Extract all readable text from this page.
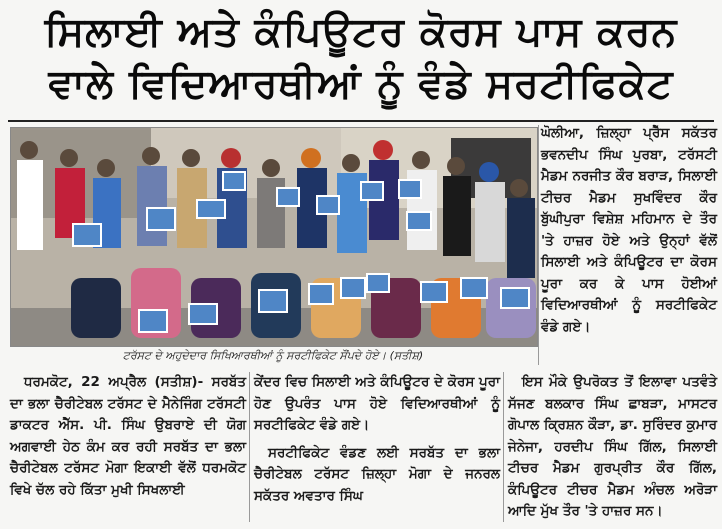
ਸਿਲਾਈ ਅਤੇ ਕੰਪਿਊਟਰ ਕੋਰਸ ਪਾਸ ਕਰਨ
ਵਾਲੇ ਵਿਦਿਆਰਥੀਆਂ ਨੂੰ ਵੰਡੇ ਸਰਟੀਫਿਕੇਟ
ਟਰੱਸਟ ਦੇ ਅਹੁਦੇਦਾਰ ਸਿਖਿਆਰਥੀਆਂ ਨੂੰ ਸਰਟੀਫਿਕੇਟ ਸੌਂਪਦੇ ਹੋਏ। (ਸਤੀਸ਼)

ਘੋਲੀਆ, ਜ਼ਿਲ੍ਹਾ ਪ੍ਰੈੱਸ ਸਕੱਤਰ ਭਵਨਦੀਪ ਸਿੰਘ ਪੁਰਬਾ, ਟਰੱਸਟੀ ਮੈਡਮ ਨਰਜੀਤ ਕੌਰ ਬਰਾੜ, ਸਿਲਾਈ ਟੀਚਰ ਮੈਡਮ ਸੁਖਵਿੰਦਰ ਕੌਰ ਬੁੱਘੀਪੁਰਾ ਵਿਸ਼ੇਸ਼ ਮਹਿਮਾਨ ਦੇ ਤੌਰ 'ਤੇ ਹਾਜ਼ਰ ਹੋਏ ਅਤੇ ਉਨ੍ਹਾਂ ਵੱਲੋਂ ਸਿਲਾਈ ਅਤੇ ਕੰਪਿਊਟਰ ਦਾ ਕੋਰਸ ਪੂਰਾ ਕਰ ਕੇ ਪਾਸ ਹੋਈਆਂ ਵਿਦਿਆਰਥੀਆਂ ਨੂੰ ਸਰਟੀਫਿਕੇਟ ਵੰਡੇ ਗਏ।

ਧਰਮਕੋਟ, 22 ਅਪ੍ਰੈਲ (ਸਤੀਸ਼)- ਸਰਬੱਤ ਦਾ ਭਲਾ ਚੈਰੀਟੇਬਲ ਟਰੱਸਟ ਦੇ ਮੈਨੇਜਿੰਗ ਟਰੱਸਟੀ ਡਾਕਟਰ ਐੱਸ. ਪੀ. ਸਿੰਘ ਉਬਰਾਏ ਦੀ ਯੋਗ ਅਗਵਾਈ ਹੇਠ ਕੰਮ ਕਰ ਰਹੀ ਸਰਬੱਤ ਦਾ ਭਲਾ ਚੈਰੀਟੇਬਲ ਟਰੱਸਟ ਮੋਗਾ ਇਕਾਈ ਵੱਲੋਂ ਧਰਮਕੋਟ ਵਿਖੇ ਚੱਲ ਰਹੇ ਕਿੱਤਾ ਮੁਖੀ ਸਿਖਲਾਈ

ਕੇਂਦਰ ਵਿਚ ਸਿਲਾਈ ਅਤੇ ਕੰਪਿਊਟਰ ਦੇ ਕੋਰਸ ਪੂਰਾ ਹੋਣ ਉਪਰੰਤ ਪਾਸ ਹੋਏ ਵਿਦਿਆਰਥੀਆਂ ਨੂੰ ਸਰਟੀਫਿਕੇਟ ਵੰਡੇ ਗਏ।

ਸਰਟੀਫਿਕੇਟ ਵੰਡਣ ਲਈ ਸਰਬੱਤ ਦਾ ਭਲਾ ਚੈਰੀਟੇਬਲ ਟਰੱਸਟ ਜ਼ਿਲ੍ਹਾ ਮੋਗਾ ਦੇ ਜਨਰਲ ਸਕੱਤਰ ਅਵਤਾਰ ਸਿੰਘ

ਇਸ ਮੌਕੇ ਉਪਰੋਕਤ ਤੋਂ ਇਲਾਵਾ ਪਤਵੰਤੇ ਸੱਜਣ ਬਲਕਾਰ ਸਿੰਘ ਛਾਬੜਾ, ਮਾਸਟਰ ਗੋਪਾਲ ਕ੍ਰਿਸ਼ਨ ਕੌੜਾ, ਡਾ. ਸੁਰਿੰਦਰ ਕੁਮਾਰ ਜੇਨੇਜਾ, ਹਰਦੀਪ ਸਿੰਘ ਗਿੱਲ, ਸਿਲਾਈ ਟੀਚਰ ਮੈਡਮ ਗੁਰਪ੍ਰੀਤ ਕੌਰ ਗਿੱਲ, ਕੰਪਿਊਟਰ ਟੀਚਰ ਮੈਡਮ ਅੰਚਲ ਅਰੋੜਾ ਆਦਿ ਮੁੱਖ ਤੌਰ 'ਤੇ ਹਾਜ਼ਰ ਸਨ।
